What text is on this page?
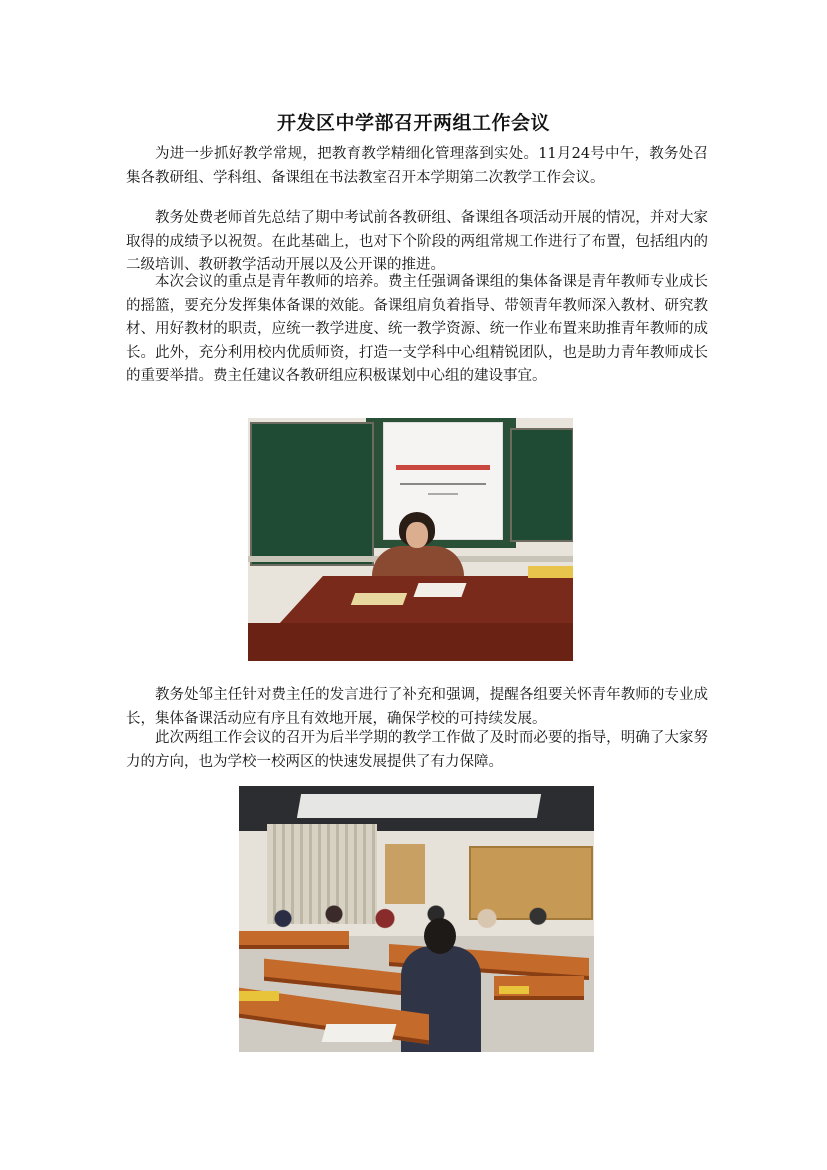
开发区中学部召开两组工作会议

为进一步抓好教学常规，把教育教学精细化管理落到实处。11月24号中午，教务处召集各教研组、学科组、备课组在书法教室召开本学期第二次教学工作会议。

教务处费老师首先总结了期中考试前各教研组、备课组各项活动开展的情况，并对大家取得的成绩予以祝贺。在此基础上，也对下个阶段的两组常规工作进行了布置，包括组内的二级培训、教研教学活动开展以及公开课的推进。

本次会议的重点是青年教师的培养。费主任强调备课组的集体备课是青年教师专业成长的摇篮，要充分发挥集体备课的效能。备课组肩负着指导、带领青年教师深入教材、研究教材、用好教材的职责，应统一教学进度、统一教学资源、统一作业布置来助推青年教师的成长。此外，充分利用校内优质师资，打造一支学科中心组精锐团队，也是助力青年教师成长的重要举措。费主任建议各教研组应积极谋划中心组的建设事宜。

教务处邹主任针对费主任的发言进行了补充和强调，提醒各组要关怀青年教师的专业成长，集体备课活动应有序且有效地开展，确保学校的可持续发展。

此次两组工作会议的召开为后半学期的教学工作做了及时而必要的指导，明确了大家努力的方向，也为学校一校两区的快速发展提供了有力保障。
